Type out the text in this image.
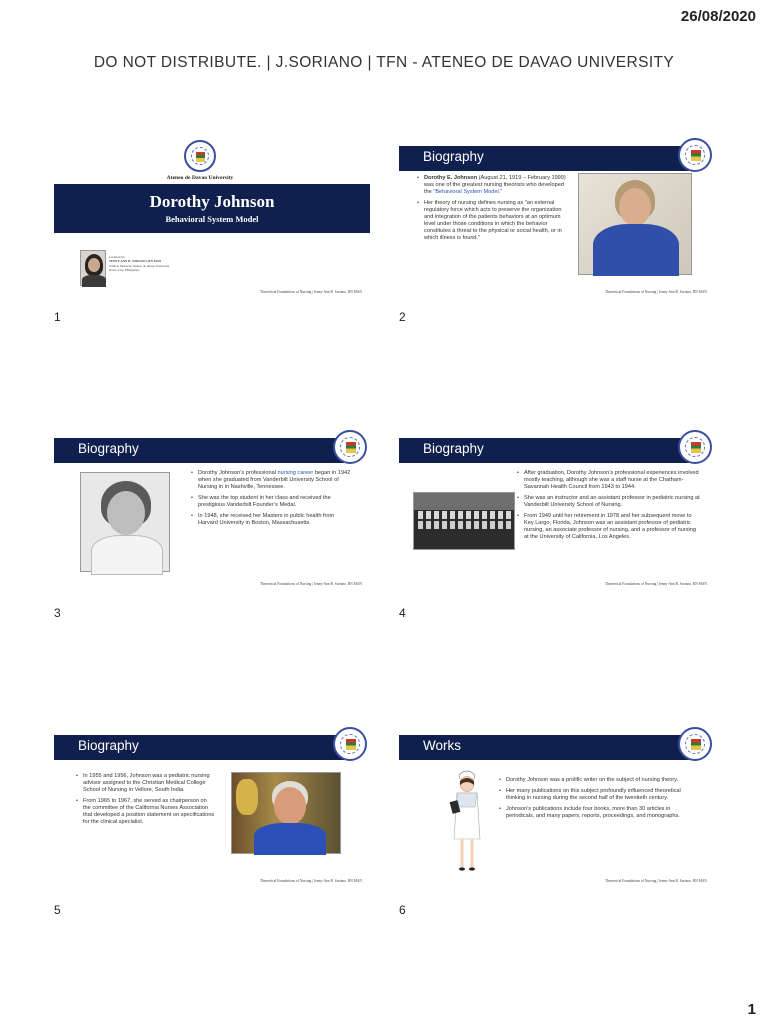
26/08/2020
DO NOT DISTRIBUTE. | J.SORIANO | TFN - ATENEO DE DAVAO UNIVERSITY
Ateneo de Davao University
Dorothy Johnson
Behavioral System Model
Lectured by:
JENNY-ANN B. SORIANO, RN MAN
Clinical Instructor Ateneo de Davao University
Davao City, Philippines
Theoretical Foundations of Nursing | Jenny-Ann B. Soriano, RN MAN
1
Biography
• Dorothy E. Johnson (August 21, 1919 – February 1999) was one of the greatest nursing theorists who developed the "Behavioral System Model."
• Her theory of nursing defines nursing as "an external regulatory force which acts to preserve the organization and integration of the patients behaviors at an optimum level under those conditions in which the behavior constitutes a threat to the physical or social health, or in which illness is found."
Theoretical Foundations of Nursing | Jenny-Ann B. Soriano, RN MAN
2
Biography
• Dorothy Johnson’s professional nursing career began in 1942 when she graduated from Vanderbilt University School of Nursing in in Nashville, Tennessee.
• She was the top student in her class and received the prestigious Vanderbilt Founder’s Medal.
• In 1948, she received her Masters in public health from Harvard University in Boston, Massachusetts.
Theoretical Foundations of Nursing | Jenny-Ann B. Soriano, RN MAN
3
Biography
• After graduation, Dorothy Johnson’s professional experiences involved mostly teaching, although she was a staff nurse at the Chatham-Savannah Health Council from 1943 to 1944.
• She was an instructor and an assistant professor in pediatric nursing at Vanderbilt University School of Nursing.
• From 1949 until her retirement in 1978 and her subsequent move to Key Largo, Florida, Johnson was an assistant professor of pediatric nursing, an associate professor of nursing, and a professor of nursing at the University of California, Los Angeles.
Theoretical Foundations of Nursing | Jenny-Ann B. Soriano, RN MAN
4
Biography
• In 1955 and 1956, Johnson was a pediatric nursing advisor assigned to the Christian Medical College School of Nursing in Vellore, South India.
• From 1965 to 1967, she served as chairperson on the committee of the California Nurses Association that developed a position statement on specifications for the clinical specialist.
Theoretical Foundations of Nursing | Jenny-Ann B. Soriano, RN MAN
5
Works
• Dorothy Johnson was a prolific writer on the subject of nursing theory.
• Her many publications on this subject profoundly influenced theoretical thinking in nursing during the second half of the twentieth century.
• Johnson’s publications include four books, more than 30 articles in periodicals, and many papers, reports, proceedings, and monographs.
Theoretical Foundations of Nursing | Jenny-Ann B. Soriano, RN MAN
6
1
